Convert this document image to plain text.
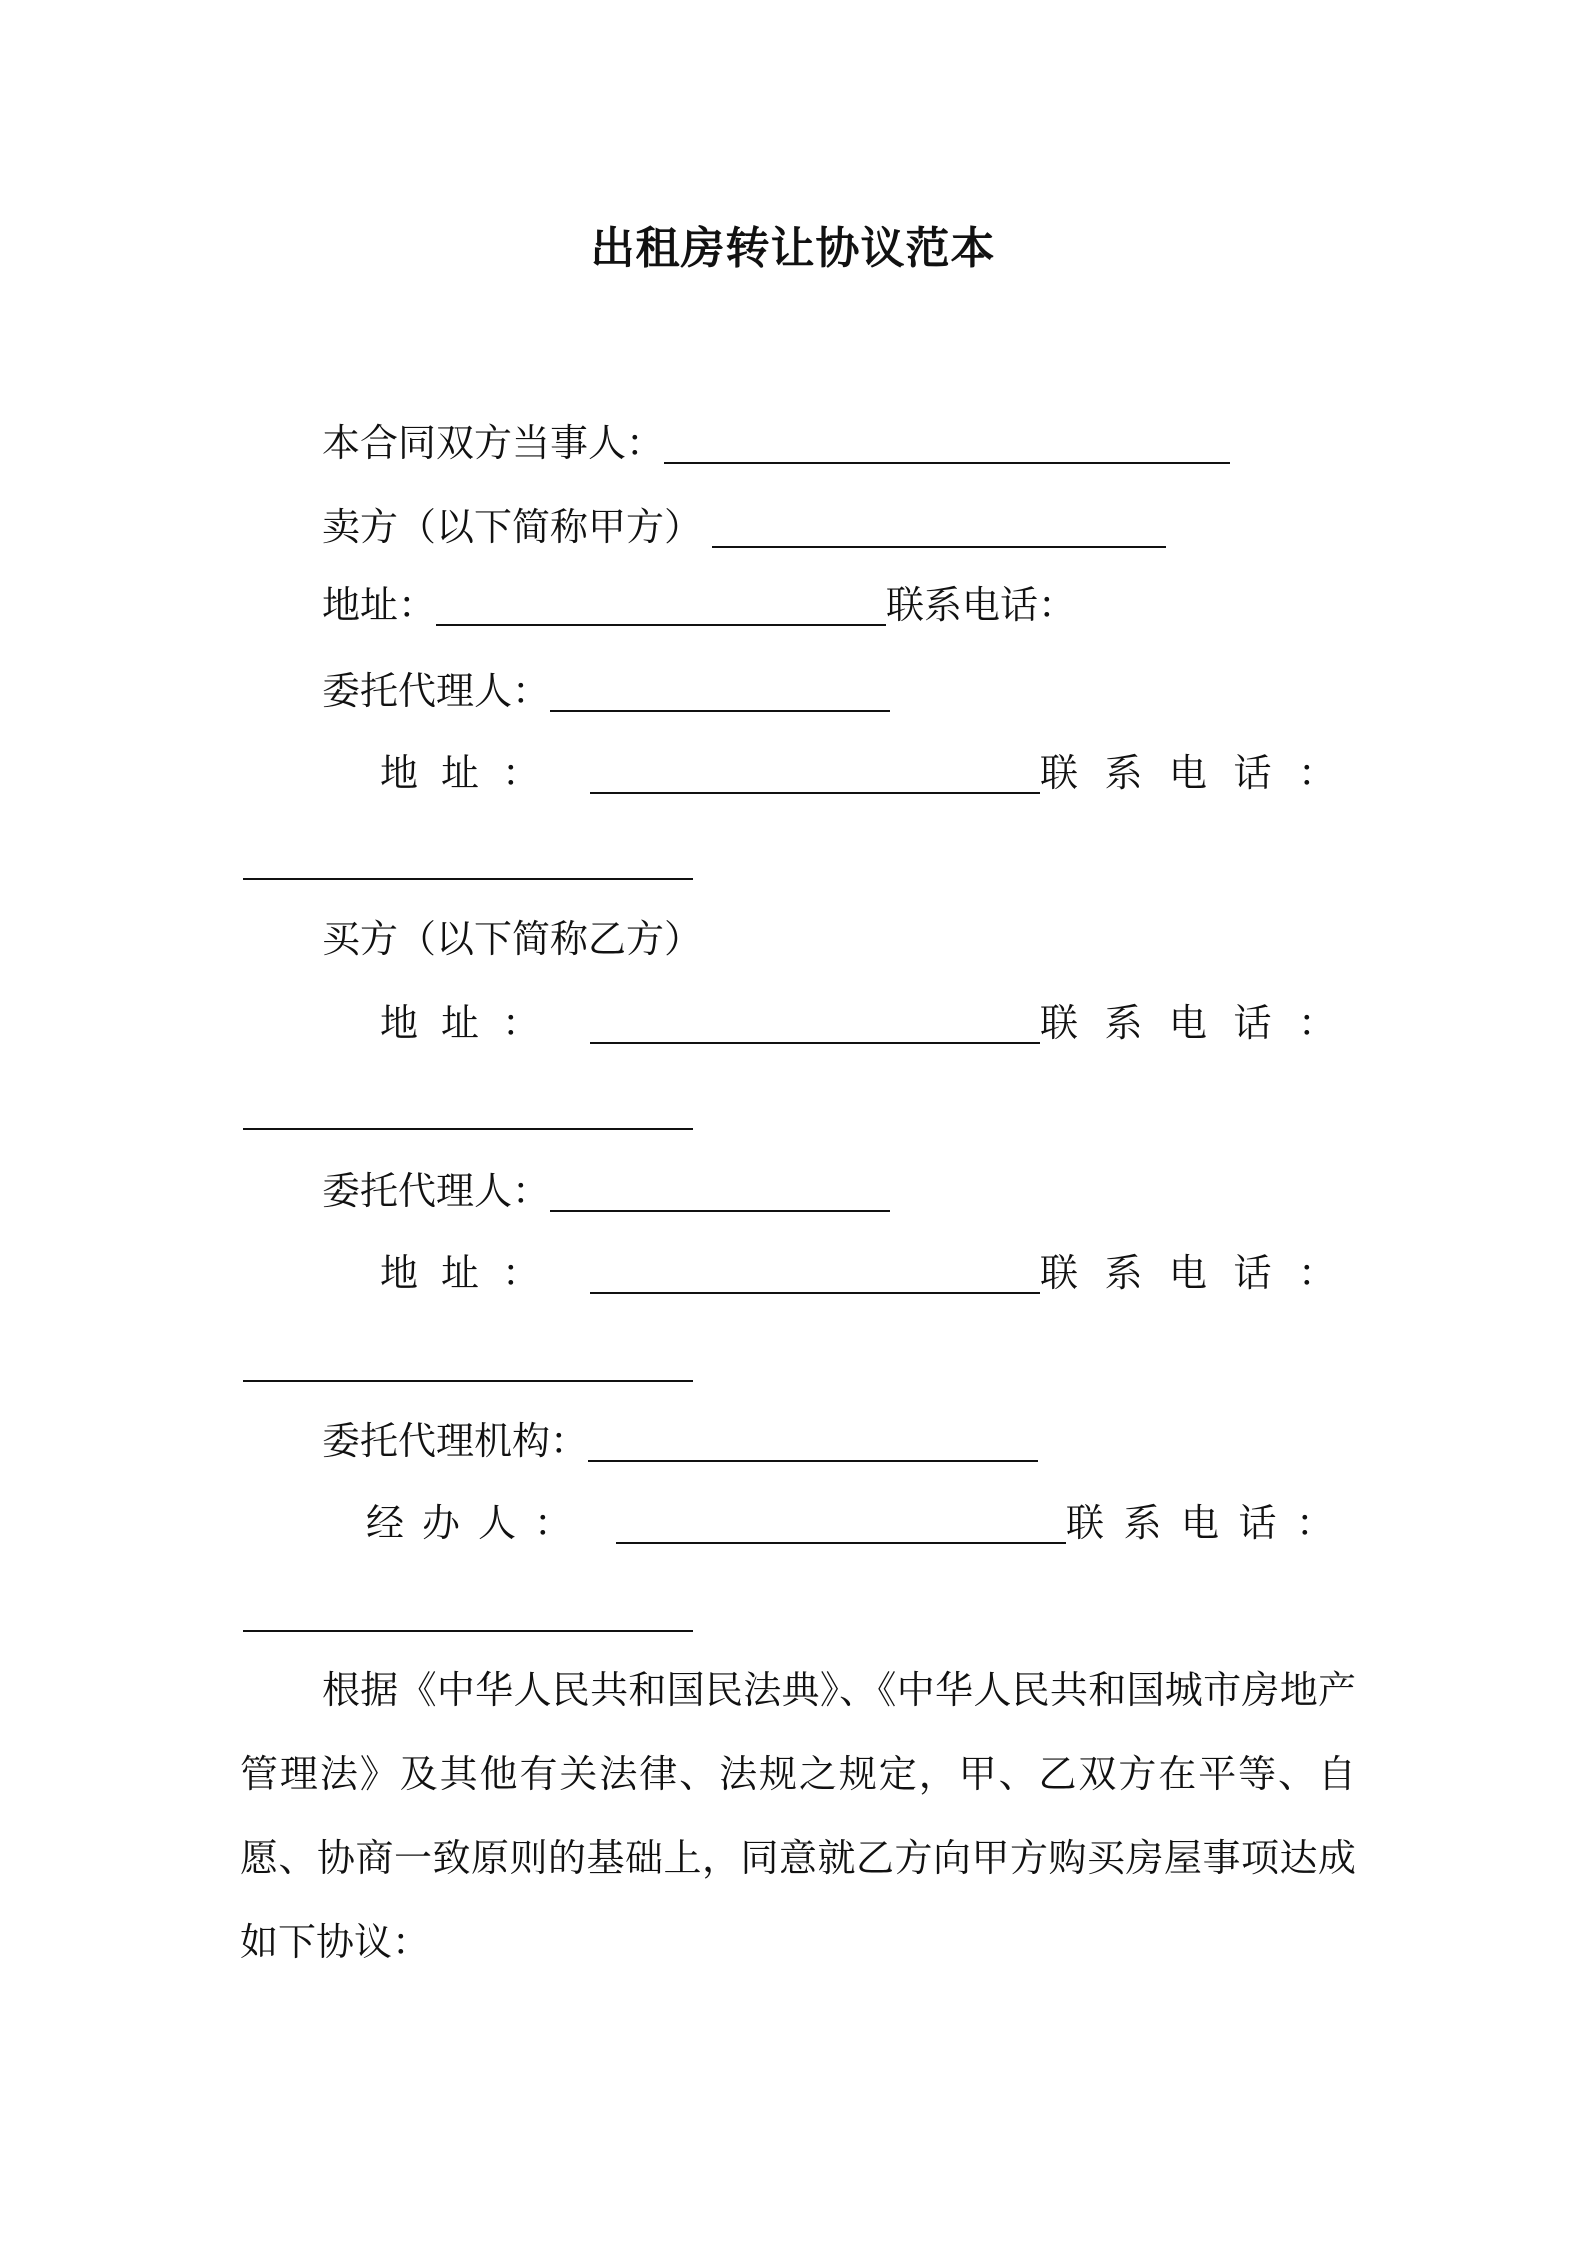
出租房转让协议范本
本合同双方当事人：
卖方（以下简称甲方）
地址：	联系电话：
委托代理人：
地 址 ：	联 系 电 话 ：
买方（以下简称乙方）
地 址 ：	联 系 电 话 ：
委托代理人：
地 址 ：	联 系 电 话 ：
委托代理机构：
经 办 人 ：	联 系 电 话 ：
根据《中华人民共和国民法典》、《中华人民共和国城市房地产管理法》及其他有关法律、法规之规定，甲、乙双方在平等、自愿、协商一致原则的基础上，同意就乙方向甲方购买房屋事项达成如下协议：
